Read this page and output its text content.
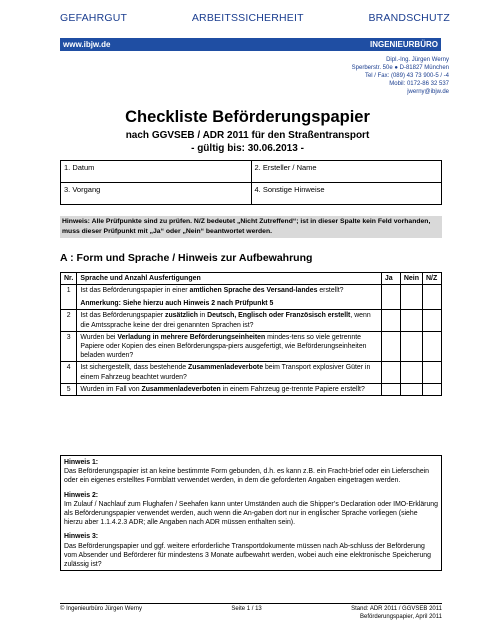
GEFAHRGUT	ARBEITSSICHERHEIT	BRANDSCHUTZ
www.ibjw.de	INGENIEURBÜRO
Dipl.-Ing. Jürgen Werny
Sperberstr. 50e ● D-81827 München
Tel / Fax: (089) 43 73 900-5 / -4
Mobil: 0172-86 32 537
jwerny@ibjw.de
Checkliste Beförderungspapier
nach GGVSEB / ADR 2011 für den Straßentransport
- gültig bis: 30.06.2013 -
1. Datum	2. Ersteller / Name
3. Vorgang	4. Sonstige Hinweise
Hinweis: Alle Prüfpunkte sind zu prüfen. N/Z bedeutet „Nicht Zutreffend“; ist in dieser Spalte kein Feld vorhanden, muss dieser Prüfpunkt mit „Ja“ oder „Nein“ beantwortet werden.
A : Form und Sprache / Hinweis zur Aufbewahrung
Nr.	Sprache und Anzahl Ausfertigungen	Ja	Nein	N/Z
1	Ist das Beförderungspapier in einer amtlichen Sprache des Versand-landes erstellt?
Anmerkung: Siehe hierzu auch Hinweis 2 nach Prüfpunkt 5			

2	Ist das Beförderungspapier zusätzlich in Deutsch, Englisch oder Französisch erstellt, wenn die Amtssprache keine der drei genannten Sprachen ist?			
3	Wurden bei Verladung in mehrere Beförderungseinheiten mindes-tens so viele getrennte Papiere oder Kopien des einen Beförderungspa-piers ausgefertigt, wie Beförderungseinheiten beladen wurden?			
4	Ist sichergestellt, dass bestehende Zusammenladeverbote beim Transport explosiver Güter in einem Fahrzeug beachtet wurden?			
5	Wurden im Fall von Zusammenladeverboten in einem Fahrzeug ge-trennte Papiere erstellt?			
Hinweis 1:
Das Beförderungspapier ist an keine bestimmte Form gebunden, d.h. es kann z.B. ein Fracht-brief oder ein Lieferschein oder ein eigenes erstelltes Formblatt verwendet werden, in dem die geforderten Angaben eingetragen werden.
Hinweis 2:
Im Zulauf / Nachlauf zum Flughafen / Seehafen kann unter Umständen auch die Shipper’s Declaration oder IMO-Erklärung als Beförderungspapier verwendet werden, auch wenn die An-gaben dort nur in englischer Sprache vorliegen (siehe hierzu aber 1.1.4.2.3 ADR; alle Angaben nach ADR müssen enthalten sein).
Hinweis 3:
Das Beförderungspapier und ggf. weitere erforderliche Transportdokumente müssen nach Ab-schluss der Beförderung vom Absender und Beförderer für mindestens 3 Monate aufbewahrt werden, wobei auch eine elektronische Speicherung zulässig ist?
© Ingenieurbüro Jürgen Werny	Seite 1 / 13	Stand: ADR 2011 / GGVSEB 2011
Beförderungspapier, April 2011
